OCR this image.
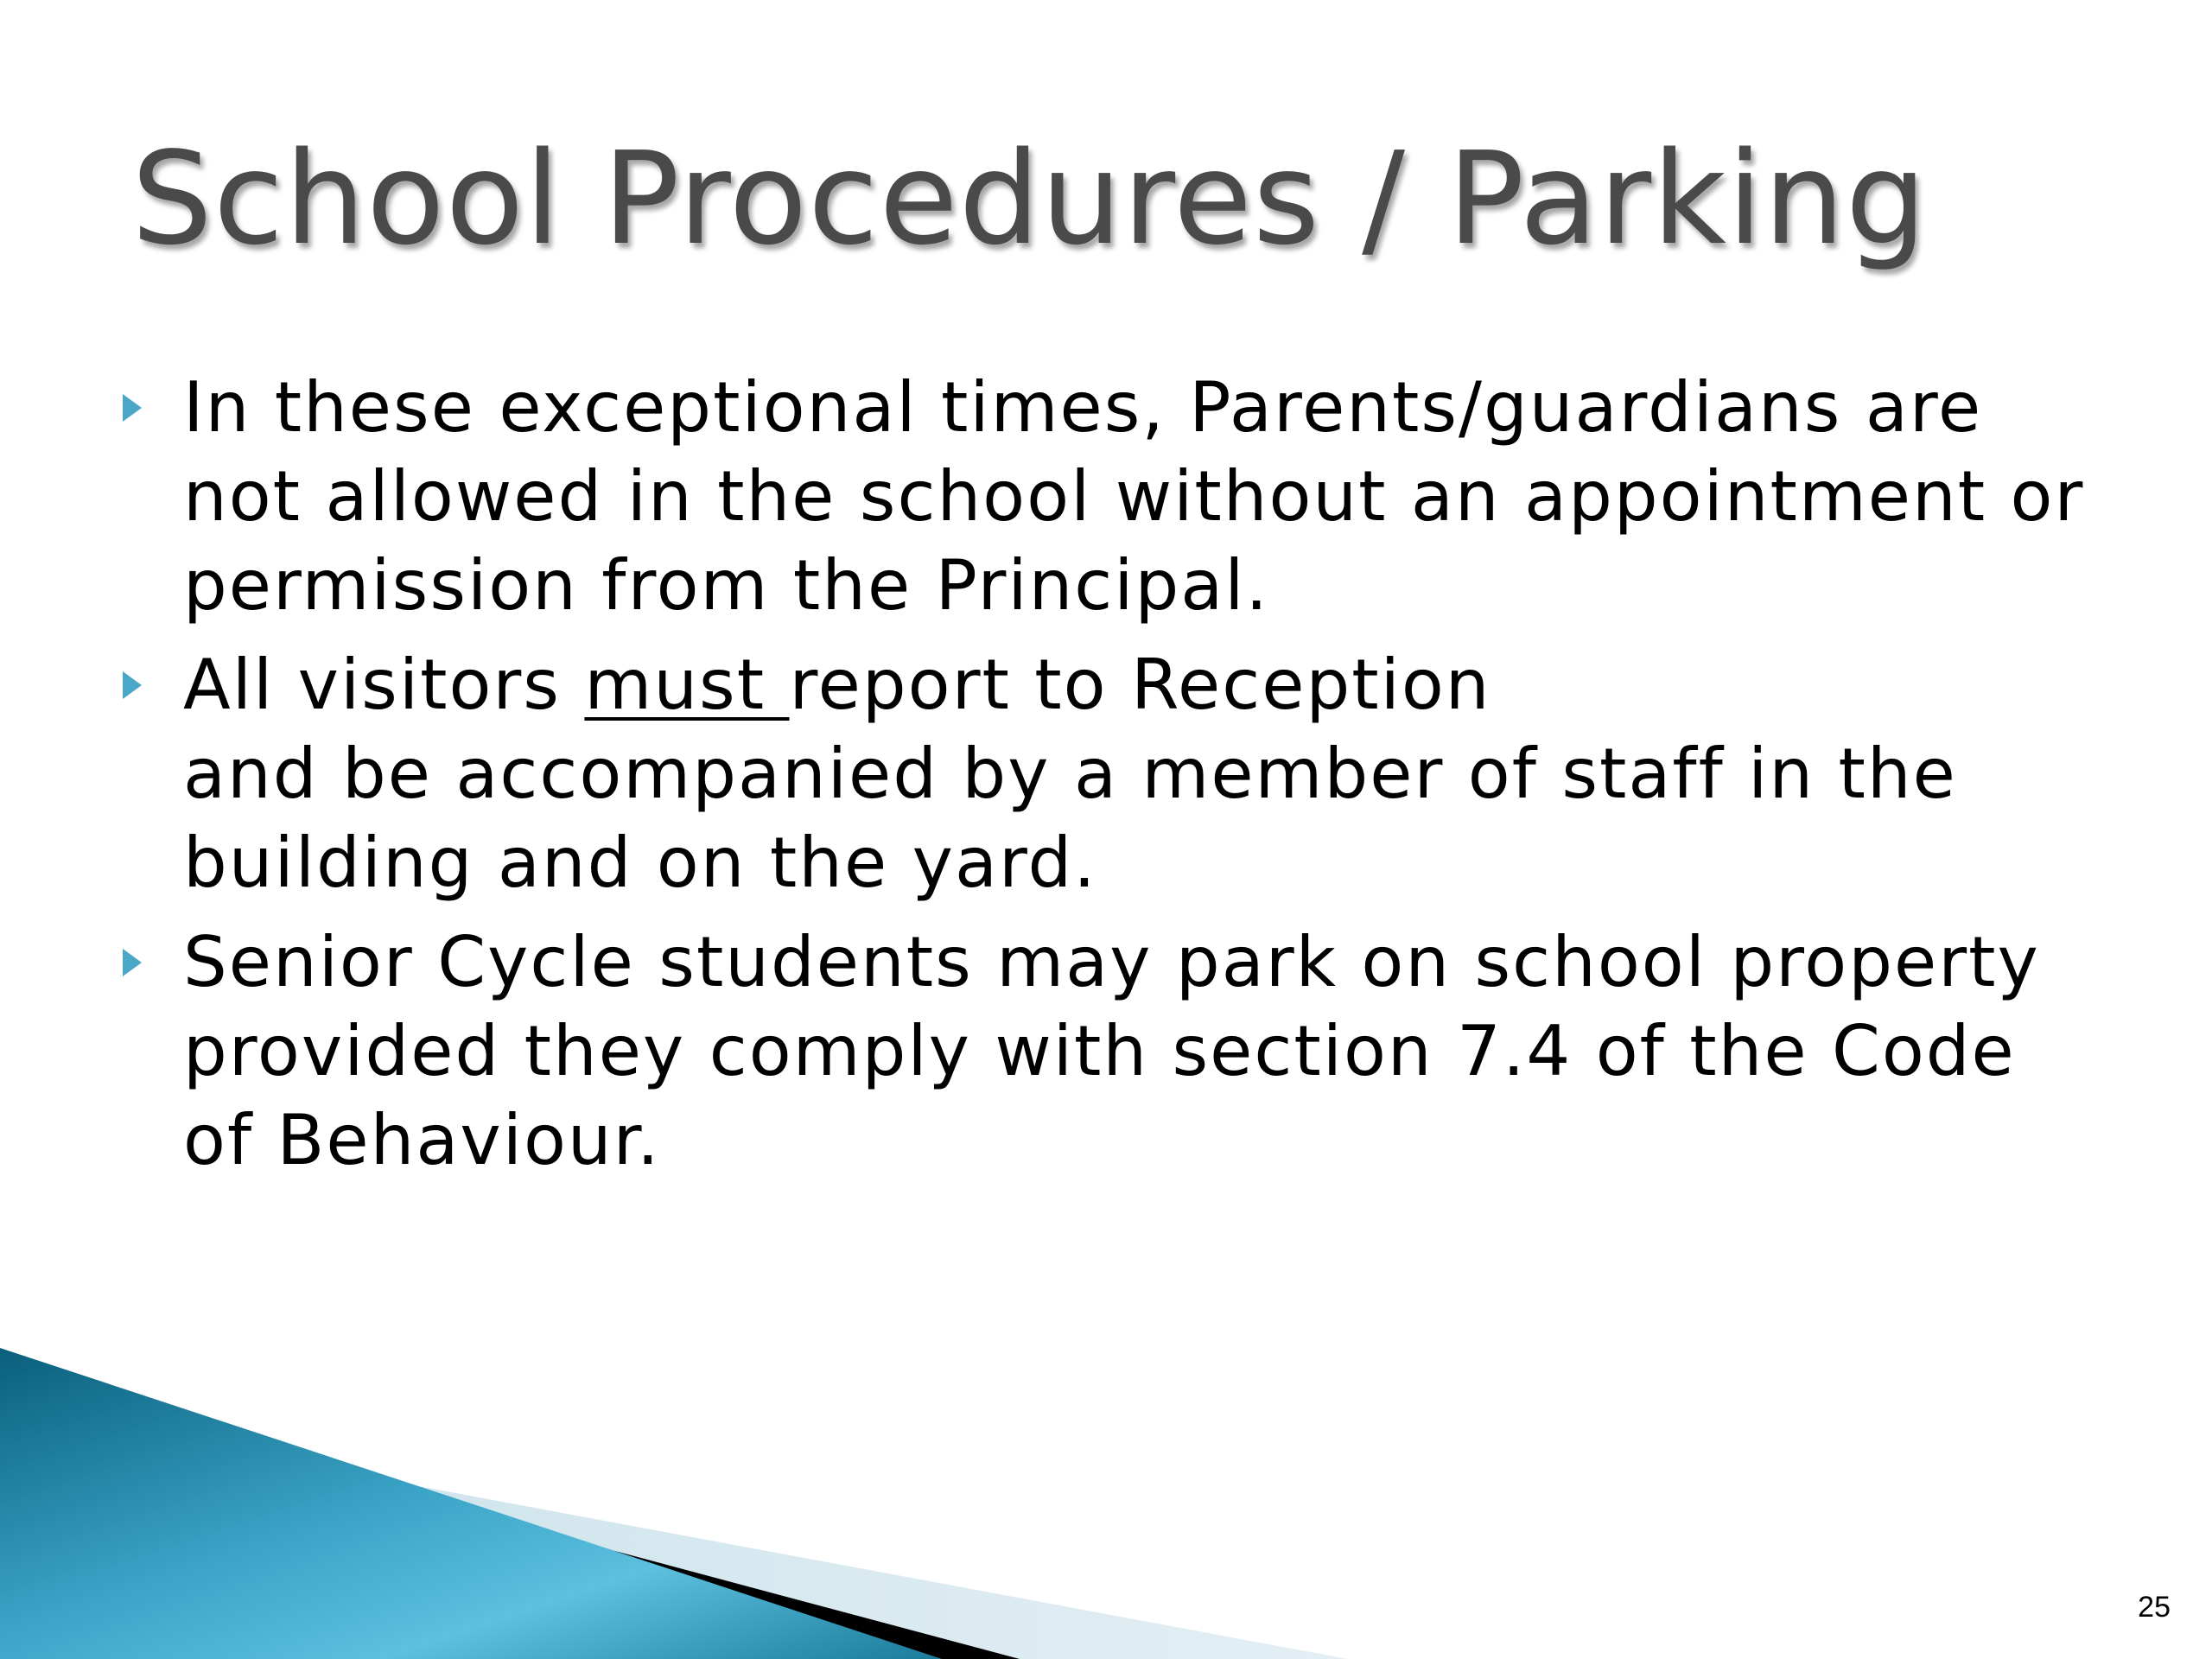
School Procedures / Parking
In these exceptional times, Parents/guardians are
not allowed in the school without an appointment or
permission from the Principal.
All visitors must report to Reception
and be accompanied by a member of staff in the
building and on the yard.
Senior Cycle students may park on school property
provided they comply with section 7.4 of the Code
of Behaviour.
25
